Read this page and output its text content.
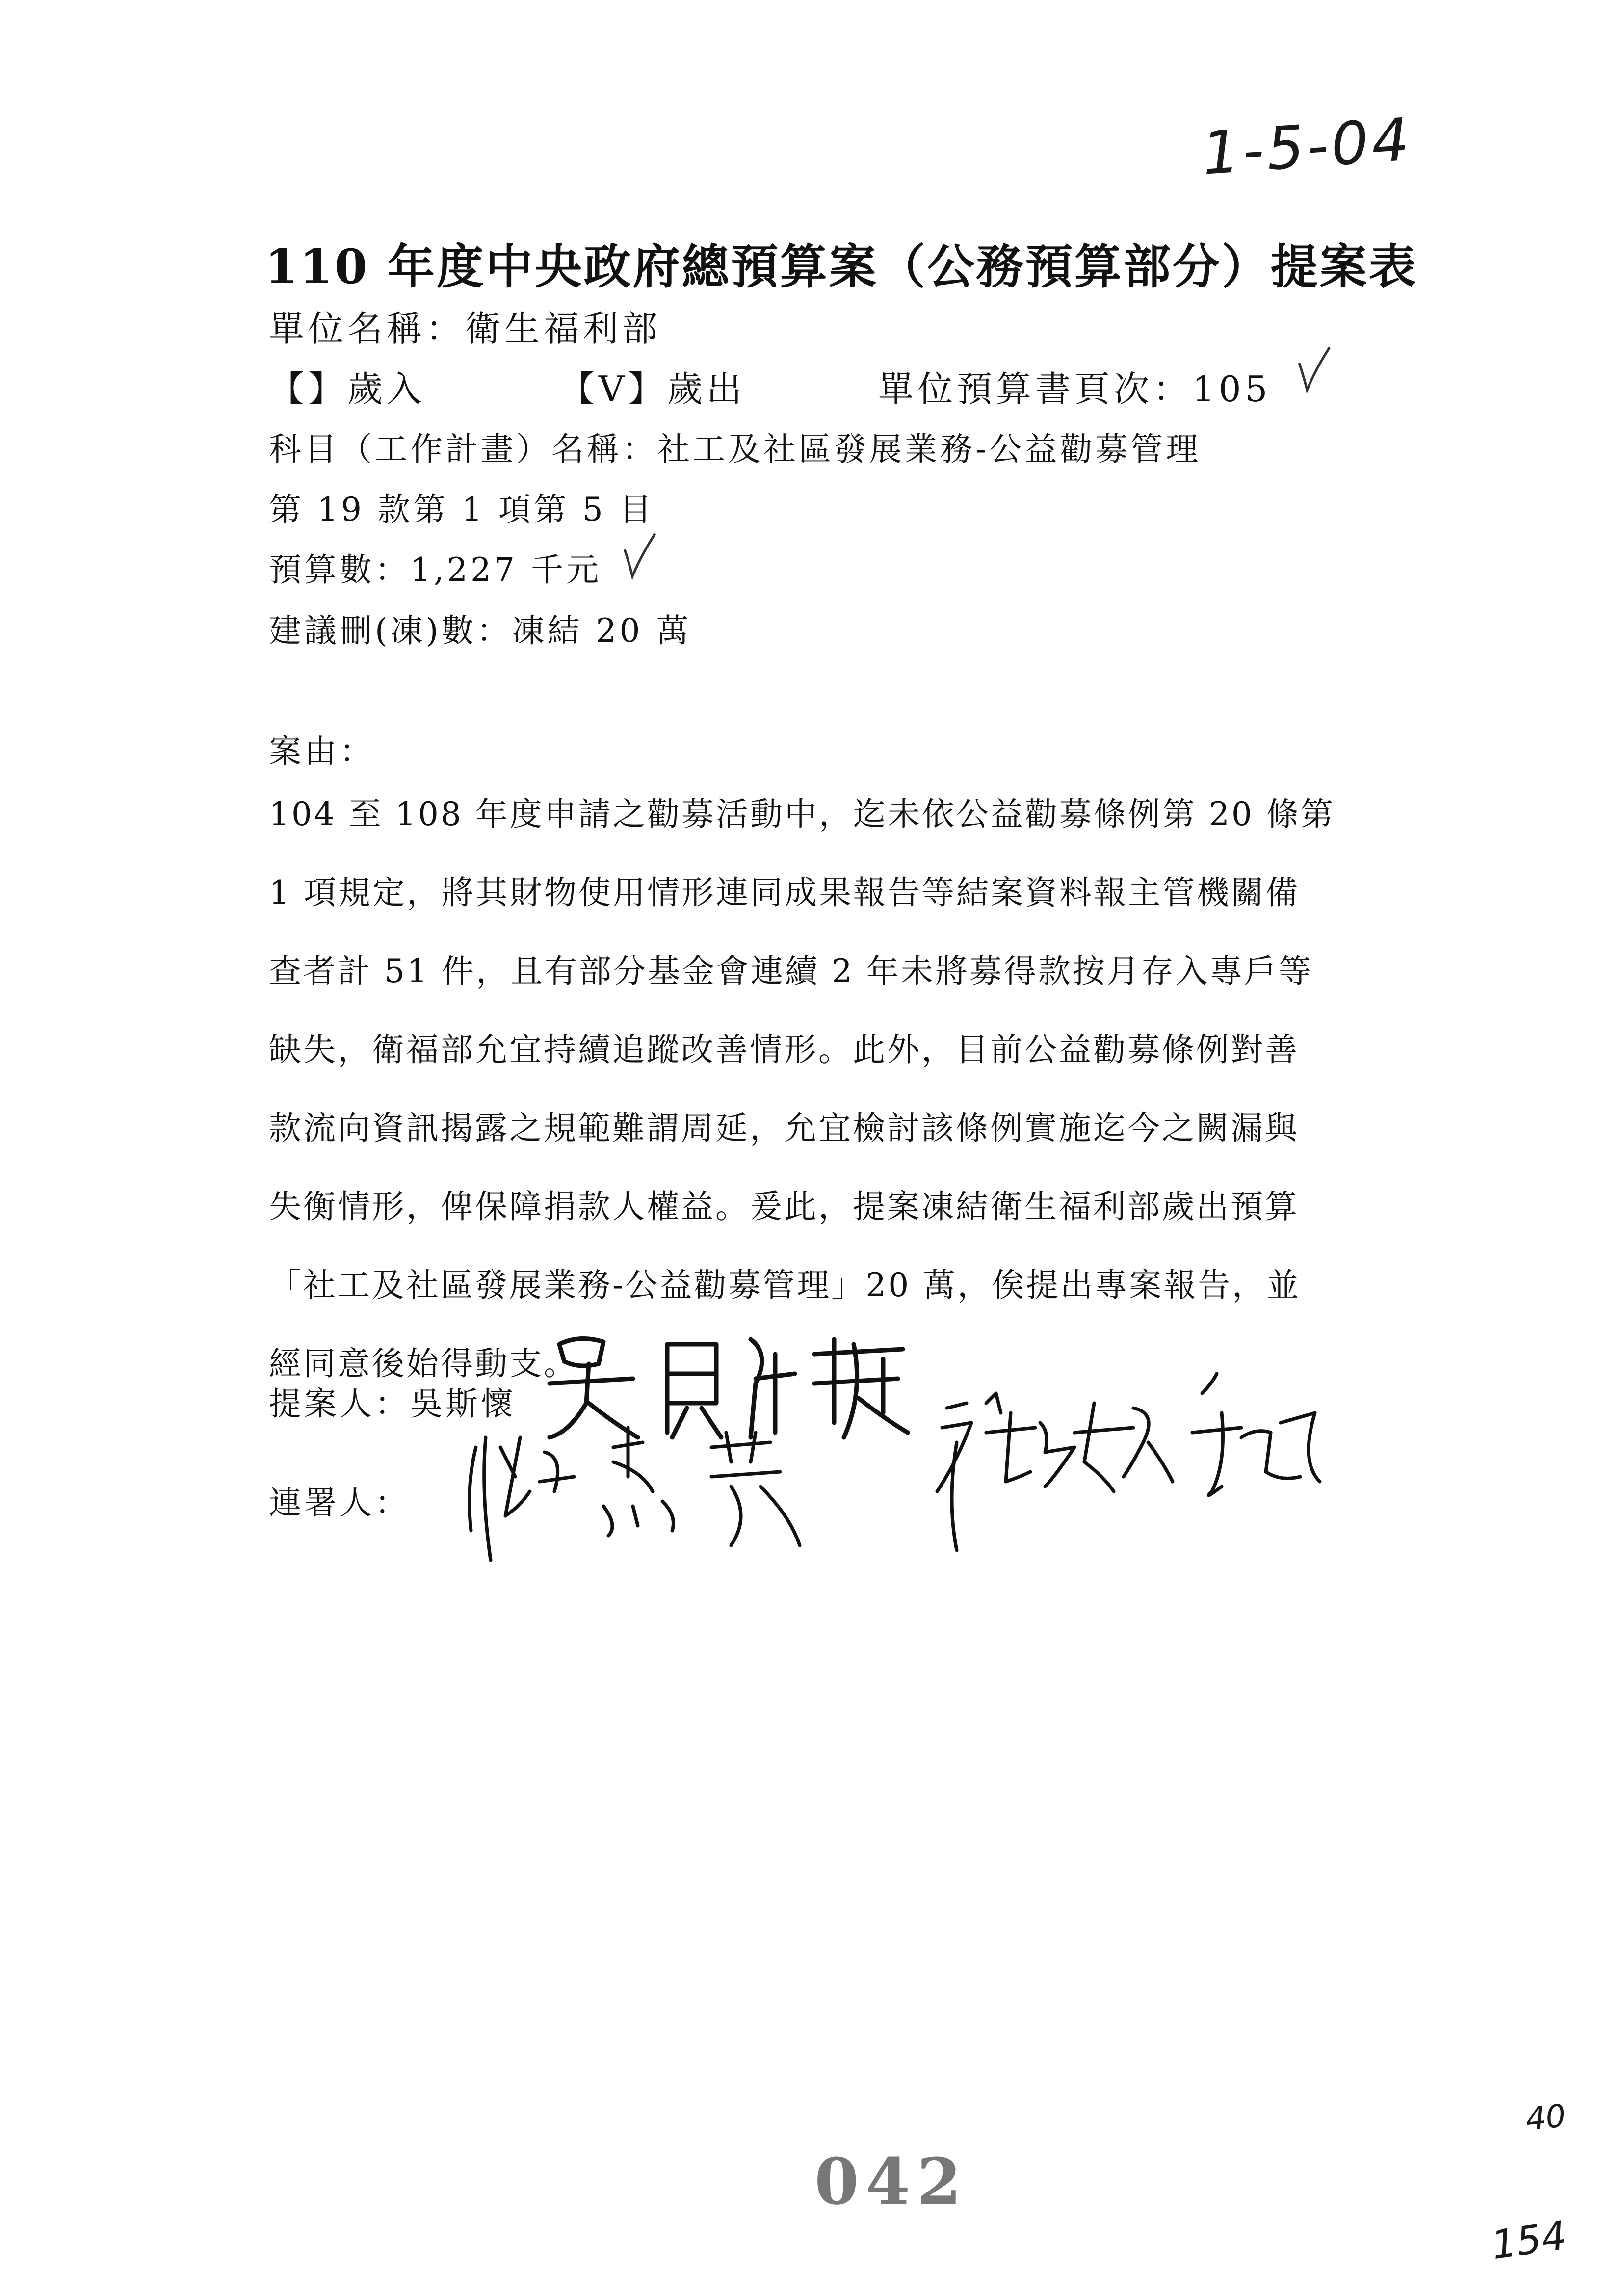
1-5-04
110 年度中央政府總預算案（公務預算部分）提案表
單位名稱：衛生福利部
【】歲入	【V】歲出	單位預算書頁次：105
科目（工作計畫）名稱：社工及社區發展業務-公益勸募管理
第 19 款第 1 項第 5 目
預算數：1,227 千元
建議刪(凍)數：凍結 20 萬
案由：
104 至 108 年度申請之勸募活動中，迄未依公益勸募條例第 20 條第
1 項規定，將其財物使用情形連同成果報告等結案資料報主管機關備
查者計 51 件，且有部分基金會連續 2 年未將募得款按月存入專戶等
缺失，衛福部允宜持續追蹤改善情形。此外，目前公益勸募條例對善
款流向資訊揭露之規範難謂周延，允宜檢討該條例實施迄今之闕漏與
失衡情形，俾保障捐款人權益。爰此，提案凍結衛生福利部歲出預算
「社工及社區發展業務-公益勸募管理」20 萬，俟提出專案報告，並
經同意後始得動支。
提案人：吳斯懷
連署人：
042
40
154
